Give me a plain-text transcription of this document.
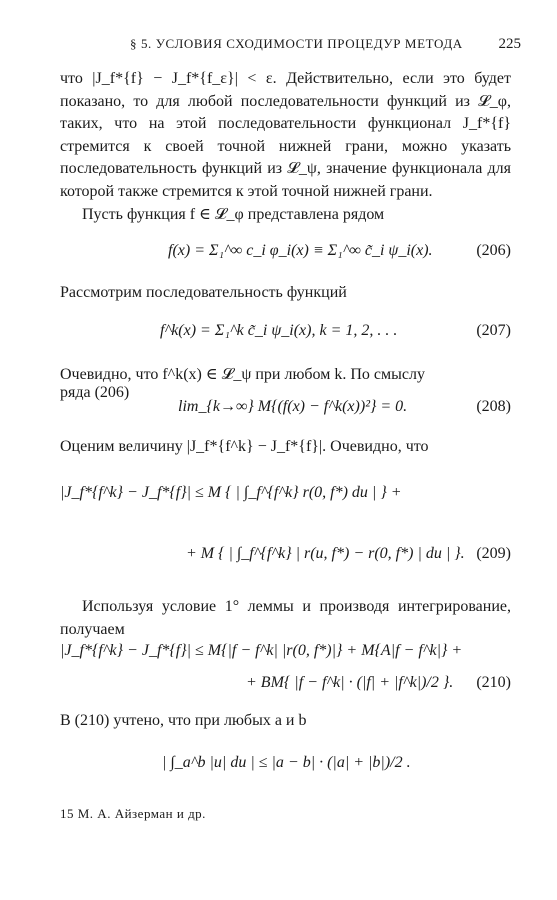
§ 5. УСЛОВИЯ СХОДИМОСТИ ПРОЦЕДУР МЕТОДА 225
что |J_f*{f} − J_f*{f_ε}| < ε. Действительно, если это будет показано, то для любой последовательности функций из 𝓛_φ, таких, что на этой последовательности функционал J_f*{f} стремится к своей точной нижней грани, можно указать последовательность функций из 𝓛_ψ, значение функционала для которой также стремится к этой точной нижней грани.
Пусть функция f ∈ 𝓛_φ представлена рядом
f(x) = Σ₁^∞ c_i φ_i(x) ≡ Σ₁^∞ c̃_i ψ_i(x).	(206)
Рассмотрим последовательность функций
f^k(x) = Σ₁^k c̃_i ψ_i(x), k = 1, 2, . . .	(207)
Очевидно, что f^k(x) ∈ 𝓛_ψ при любом k. По смыслу
ряда (206)
lim_{k→∞} M{(f(x) − f^k(x))²} = 0.	(208)
Оценим величину |J_f*{f^k} − J_f*{f}|. Очевидно, что
|J_f*{f^k} − J_f*{f}| ≤ M { | ∫_f^{f^k} r(0, f*) du | } +
+ M { | ∫_f^{f^k} | r(u, f*) − r(0, f*) | du | }. (209)
Используя условие 1° леммы и производя интегрирование, получаем
|J_f*{f^k} − J_f*{f}| ≤ M{|f − f^k| |r(0, f*)|} + M{A|f − f^k|} +
+ BM{ |f − f^k| · (|f| + |f^k|)/2 }. (210)
В (210) учтено, что при любых a и b
| ∫_a^b |u| du | ≤ |a − b| · (|a| + |b|)/2 .
15 М. А. Айзерман и др.
